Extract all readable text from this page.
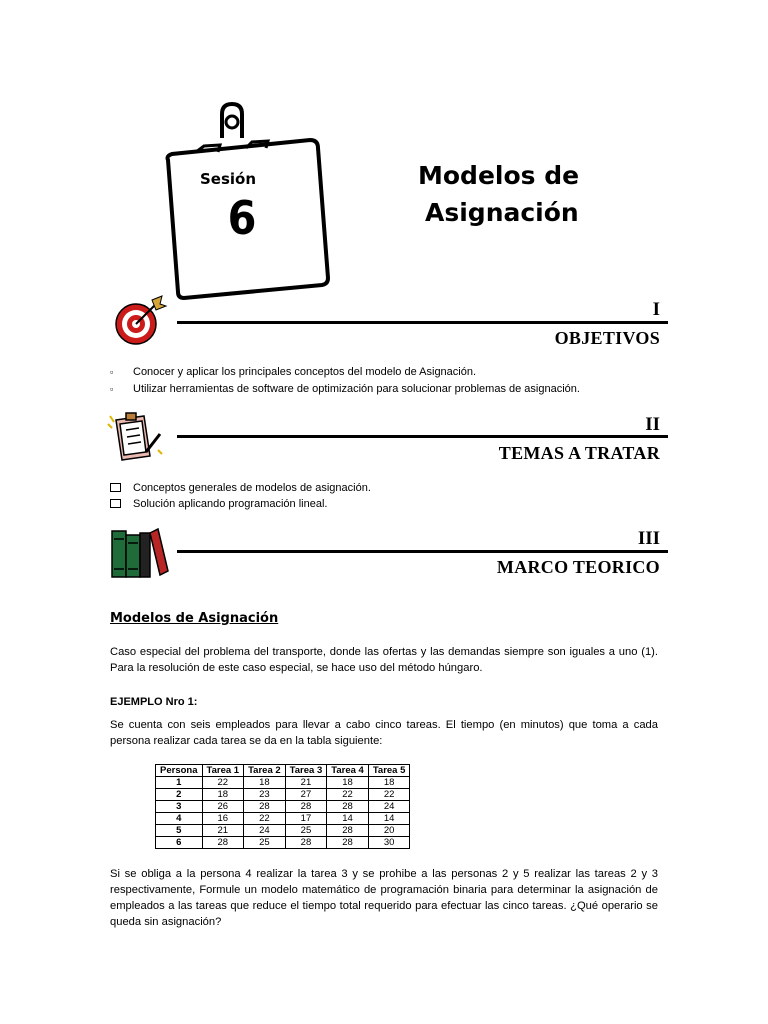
Sesión
6
Modelos de
Asignación
I
OBJETIVOS
▫	Conocer y aplicar los principales conceptos del modelo de Asignación.
▫	Utilizar herramientas de software de optimización para solucionar problemas de asignación.
II
TEMAS A TRATAR
Conceptos generales de modelos de asignación.
Solución aplicando programación lineal.
III
MARCO TEORICO
Modelos de Asignación
Caso especial del problema del transporte, donde las ofertas y las demandas siempre son iguales a uno (1). Para la resolución de este caso especial, se hace uso del método húngaro.
EJEMPLO Nro 1:
Se cuenta con seis empleados para llevar a cabo cinco tareas. El tiempo (en minutos) que toma a cada persona realizar cada tarea se da en la tabla siguiente:
Persona	Tarea 1	Tarea 2	Tarea 3	Tarea 4	Tarea 5
1	22	18	21	18	18
2	18	23	27	22	22
3	26	28	28	28	24
4	16	22	17	14	14
5	21	24	25	28	20
6	28	25	28	28	30
Si se obliga a la persona 4 realizar la tarea 3 y se prohibe a las personas 2 y 5 realizar las tareas 2 y 3 respectivamente, Formule un modelo matemático de programación binaria para determinar la asignación de empleados a las tareas que reduce el tiempo total requerido para efectuar las cinco tareas. ¿Qué operario se queda sin asignación?
